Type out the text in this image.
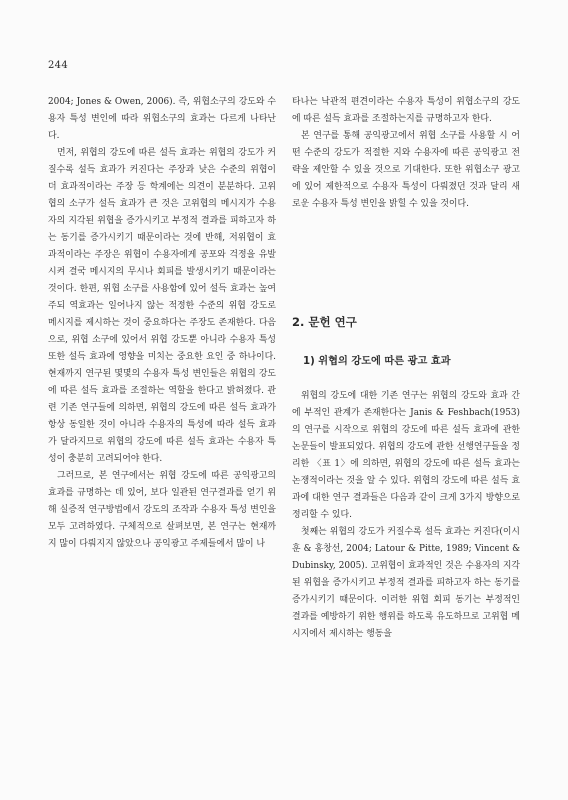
244

2004; Jones & Owen, 2006). 즉, 위협소구의 강도와 수용자 특성 변인에 따라 위협소구의 효과는 다르게 나타난다.

먼저, 위협의 강도에 따른 설득 효과는 위협의 강도가 커질수록 설득 효과가 커진다는 주장과 낮은 수준의 위협이 더 효과적이라는 주장 등 학계에는 의견이 분분하다. 고위협의 소구가 설득 효과가 큰 것은 고위협의 메시지가 수용자의 지각된 위협을 증가시키고 부정적 결과를 피하고자 하는 동기를 증가시키기 때문이라는 것에 반해, 저위협이 효과적이라는 주장은 위협이 수용자에게 공포와 걱정을 유발시켜 결국 메시지의 무시나 회피를 발생시키기 때문이라는 것이다. 한편, 위협 소구를 사용함에 있어 설득 효과는 높여주되 역효과는 일어나지 않는 적정한 수준의 위협 강도로 메시지를 제시하는 것이 중요하다는 주장도 존재한다. 다음으로, 위협 소구에 있어서 위협 강도뿐 아니라 수용자 특성 또한 설득 효과에 영향을 미치는 중요한 요인 중 하나이다. 현재까지 연구된 몇몇의 수용자 특성 변인들은 위협의 강도에 따른 설득 효과를 조절하는 역할을 한다고 밝혀졌다. 관련 기존 연구들에 의하면, 위협의 강도에 따른 설득 효과가 항상 동일한 것이 아니라 수용자의 특성에 따라 설득 효과가 달라지므로 위협의 강도에 따른 설득 효과는 수용자 특성이 충분히 고려되어야 한다.

그러므로, 본 연구에서는 위협 강도에 따른 공익광고의 효과를 규명하는 데 있어, 보다 일관된 연구결과를 얻기 위해 실증적 연구방법에서 강도의 조작과 수용자 특성 변인을 모두 고려하였다. 구체적으로 살펴보면, 본 연구는 현재까지 많이 다뤄지지 않았으나 공익광고 주제들에서 많이 나

타나는 낙관적 편견이라는 수용자 특성이 위협소구의 강도에 따른 설득 효과를 조절하는지를 규명하고자 한다.

본 연구를 통해 공익광고에서 위협 소구를 사용할 시 어떤 수준의 강도가 적절한 지와 수용자에 따른 공익광고 전략을 제안할 수 있을 것으로 기대한다. 또한 위협소구 광고에 있어 제한적으로 수용자 특성이 다뤄졌던 것과 달리 새로운 수용자 특성 변인을 밝힐 수 있을 것이다.

2. 문헌 연구
1) 위협의 강도에 따른 광고 효과

위협의 강도에 대한 기존 연구는 위협의 강도와 효과 간에 부적인 관계가 존재한다는 Janis & Feshbach(1953)의 연구를 시작으로 위협의 강도에 따른 설득 효과에 관한 논문들이 발표되었다. 위협의 강도에 관한 선행연구들을 정리한 〈표 1〉에 의하면, 위협의 강도에 따른 설득 효과는 논쟁적이라는 것을 알 수 있다. 위협의 강도에 따른 설득 효과에 대한 연구 결과들은 다음과 같이 크게 3가지 방향으로 정리할 수 있다.

첫째는 위협의 강도가 커질수록 설득 효과는 커진다(이시훈 & 홍창선, 2004; Latour & Pitte, 1989; Vincent & Dubinsky, 2005). 고위협이 효과적인 것은 수용자의 지각된 위협을 증가시키고 부정적 결과를 피하고자 하는 동기를 증가시키기 때문이다. 이러한 위협 회피 동기는 부정적인 결과를 예방하기 위한 행위를 하도록 유도하므로 고위협 메시지에서 제시하는 행동을
